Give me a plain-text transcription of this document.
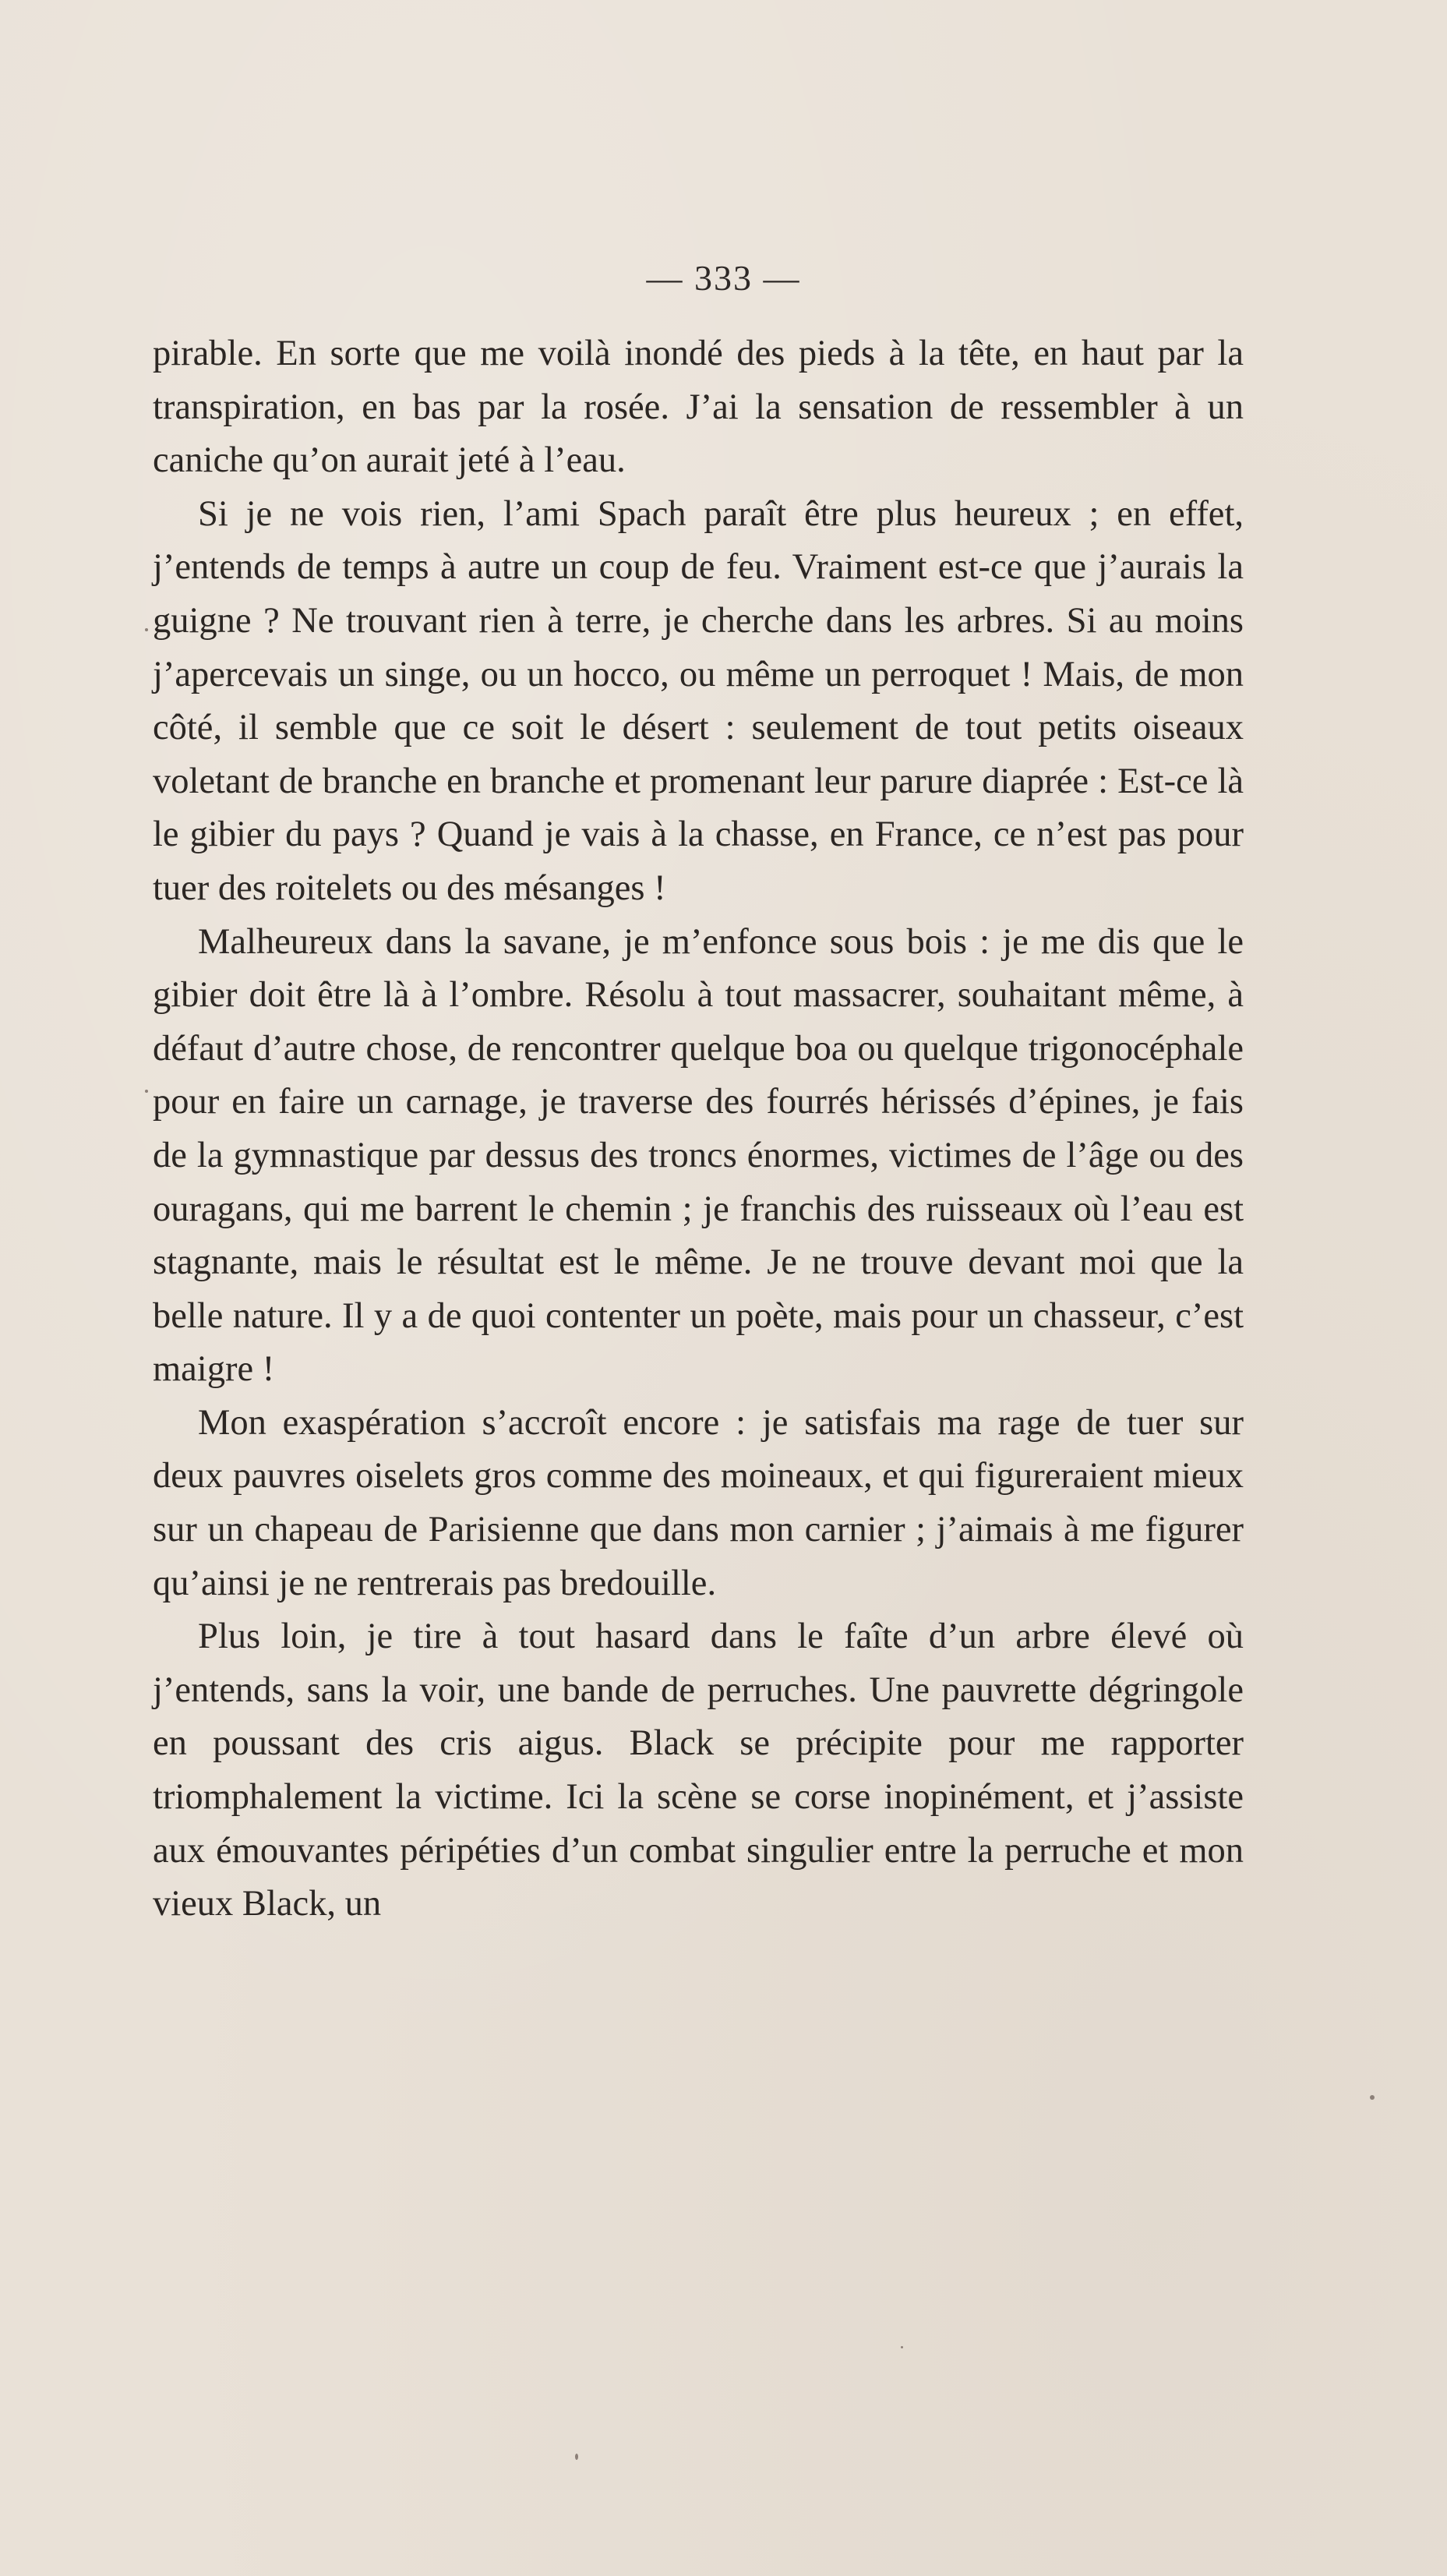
— 333 —

pirable. En sorte que me voilà inondé des pieds à la tête, en haut par la transpiration, en bas par la rosée. J’ai la sensation de ressembler à un caniche qu’on aurait jeté à l’eau.

Si je ne vois rien, l’ami Spach paraît être plus heureux ; en effet, j’entends de temps à autre un coup de feu. Vraiment est-ce que j’aurais la guigne ? Ne trouvant rien à terre, je cherche dans les arbres. Si au moins j’apercevais un singe, ou un hocco, ou même un perroquet ! Mais, de mon côté, il semble que ce soit le désert : seulement de tout petits oiseaux voletant de branche en branche et promenant leur parure diaprée : Est-ce là le gibier du pays ? Quand je vais à la chasse, en France, ce n’est pas pour tuer des roitelets ou des mésanges !

Malheureux dans la savane, je m’enfonce sous bois : je me dis que le gibier doit être là à l’ombre. Résolu à tout massacrer, souhaitant même, à défaut d’autre chose, de rencontrer quelque boa ou quelque trigonocéphale pour en faire un carnage, je traverse des fourrés hérissés d’épines, je fais de la gymnastique par dessus des troncs énormes, victimes de l’âge ou des ouragans, qui me barrent le chemin ; je franchis des ruisseaux où l’eau est stagnante, mais le résultat est le même. Je ne trouve devant moi que la belle nature. Il y a de quoi contenter un poète, mais pour un chasseur, c’est maigre !

Mon exaspération s’accroît encore : je satisfais ma rage de tuer sur deux pauvres oiselets gros comme des moineaux, et qui figureraient mieux sur un chapeau de Parisienne que dans mon carnier ; j’aimais à me figurer qu’ainsi je ne rentrerais pas bredouille.

Plus loin, je tire à tout hasard dans le faîte d’un arbre élevé où j’entends, sans la voir, une bande de perruches. Une pauvrette dégringole en poussant des cris aigus. Black se précipite pour me rapporter triomphalement la victime. Ici la scène se corse inopinément, et j’assiste aux émouvantes péripéties d’un combat singulier entre la perruche et mon vieux Black, un
